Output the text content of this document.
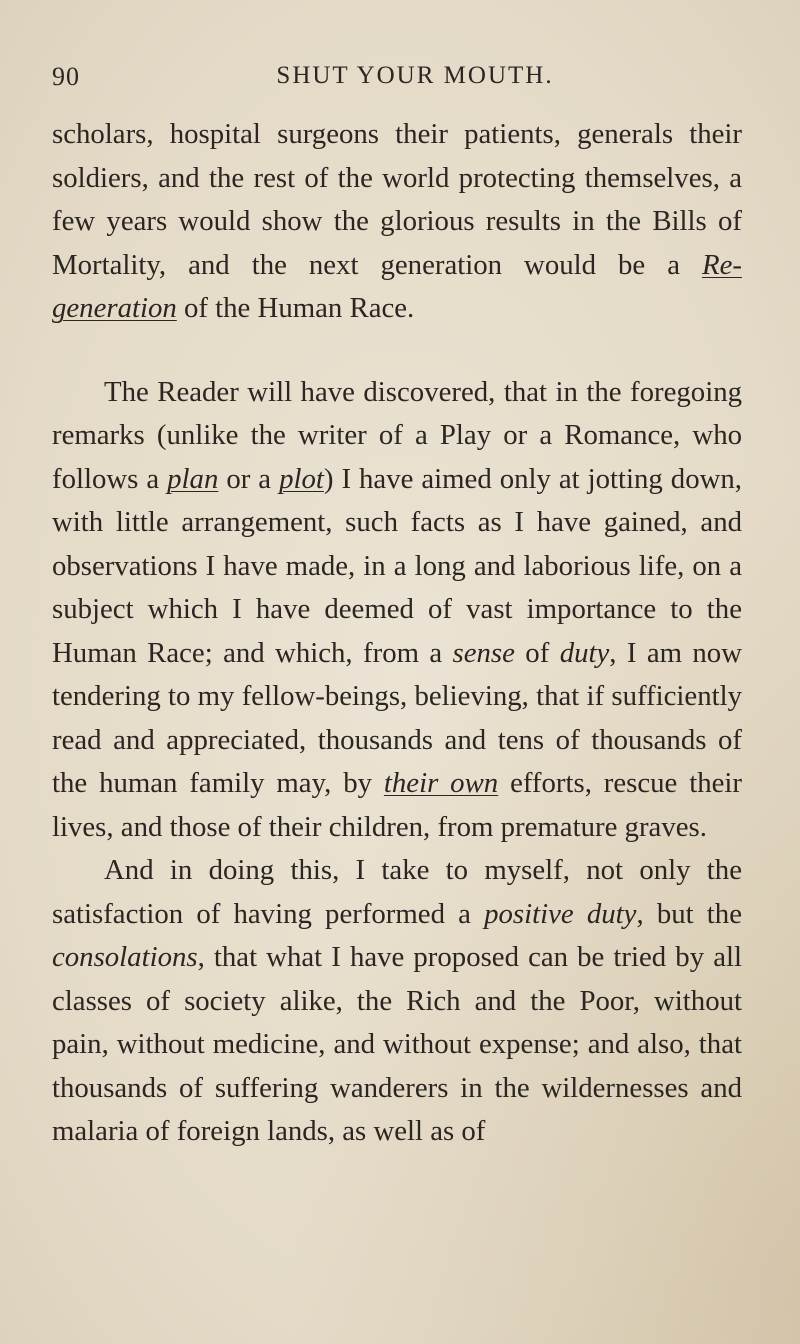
90	SHUT YOUR MOUTH.

scholars, hospital surgeons their patients, generals their soldiers, and the rest of the world protecting themselves, a few years would show the glorious results in the Bills of Mortality, and the next generation would be a Re-generation of the Human Race.

The Reader will have discovered, that in the foregoing remarks (unlike the writer of a Play or a Romance, who follows a plan or a plot) I have aimed only at jotting down, with little arrangement, such facts as I have gained, and observations I have made, in a long and laborious life, on a subject which I have deemed of vast importance to the Human Race; and which, from a sense of duty, I am now tendering to my fellow-beings, believing, that if sufficiently read and appreciated, thousands and tens of thousands of the human family may, by their own efforts, rescue their lives, and those of their children, from premature graves.

And in doing this, I take to myself, not only the satisfaction of having performed a positive duty, but the consolations, that what I have proposed can be tried by all classes of society alike, the Rich and the Poor, without pain, without medicine, and without expense; and also, that thousands of suffering wanderers in the wildernesses and malaria of foreign lands, as well as of
